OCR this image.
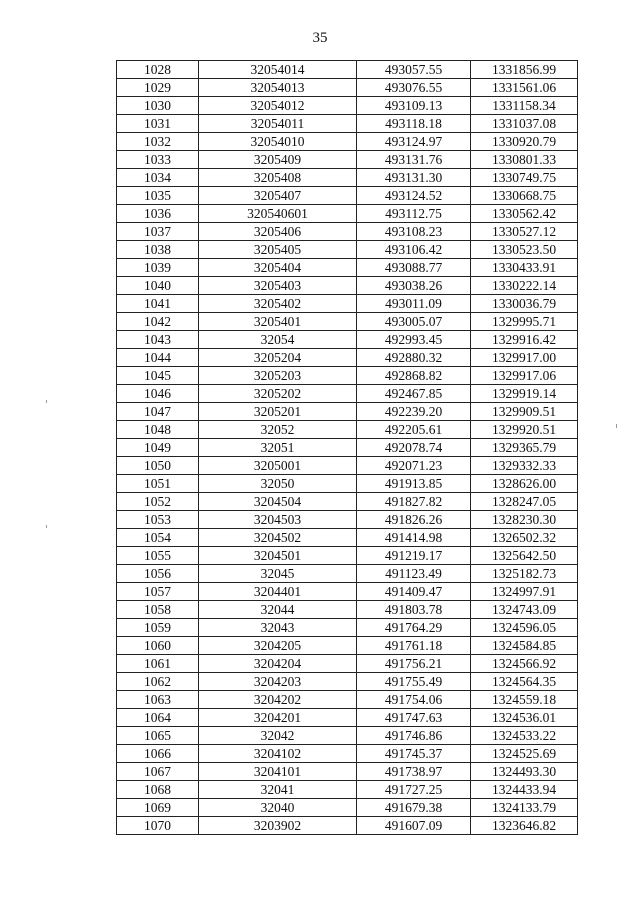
35
1028	32054014	493057.55	1331856.99
1029	32054013	493076.55	1331561.06
1030	32054012	493109.13	1331158.34
1031	32054011	493118.18	1331037.08
1032	32054010	493124.97	1330920.79
1033	3205409	493131.76	1330801.33
1034	3205408	493131.30	1330749.75
1035	3205407	493124.52	1330668.75
1036	320540601	493112.75	1330562.42
1037	3205406	493108.23	1330527.12
1038	3205405	493106.42	1330523.50
1039	3205404	493088.77	1330433.91
1040	3205403	493038.26	1330222.14
1041	3205402	493011.09	1330036.79
1042	3205401	493005.07	1329995.71
1043	32054	492993.45	1329916.42
1044	3205204	492880.32	1329917.00
1045	3205203	492868.82	1329917.06
1046	3205202	492467.85	1329919.14
1047	3205201	492239.20	1329909.51
1048	32052	492205.61	1329920.51
1049	32051	492078.74	1329365.79
1050	3205001	492071.23	1329332.33
1051	32050	491913.85	1328626.00
1052	3204504	491827.82	1328247.05
1053	3204503	491826.26	1328230.30
1054	3204502	491414.98	1326502.32
1055	3204501	491219.17	1325642.50
1056	32045	491123.49	1325182.73
1057	3204401	491409.47	1324997.91
1058	32044	491803.78	1324743.09
1059	32043	491764.29	1324596.05
1060	3204205	491761.18	1324584.85
1061	3204204	491756.21	1324566.92
1062	3204203	491755.49	1324564.35
1063	3204202	491754.06	1324559.18
1064	3204201	491747.63	1324536.01
1065	32042	491746.86	1324533.22
1066	3204102	491745.37	1324525.69
1067	3204101	491738.97	1324493.30
1068	32041	491727.25	1324433.94
1069	32040	491679.38	1324133.79
1070	3203902	491607.09	1323646.82
